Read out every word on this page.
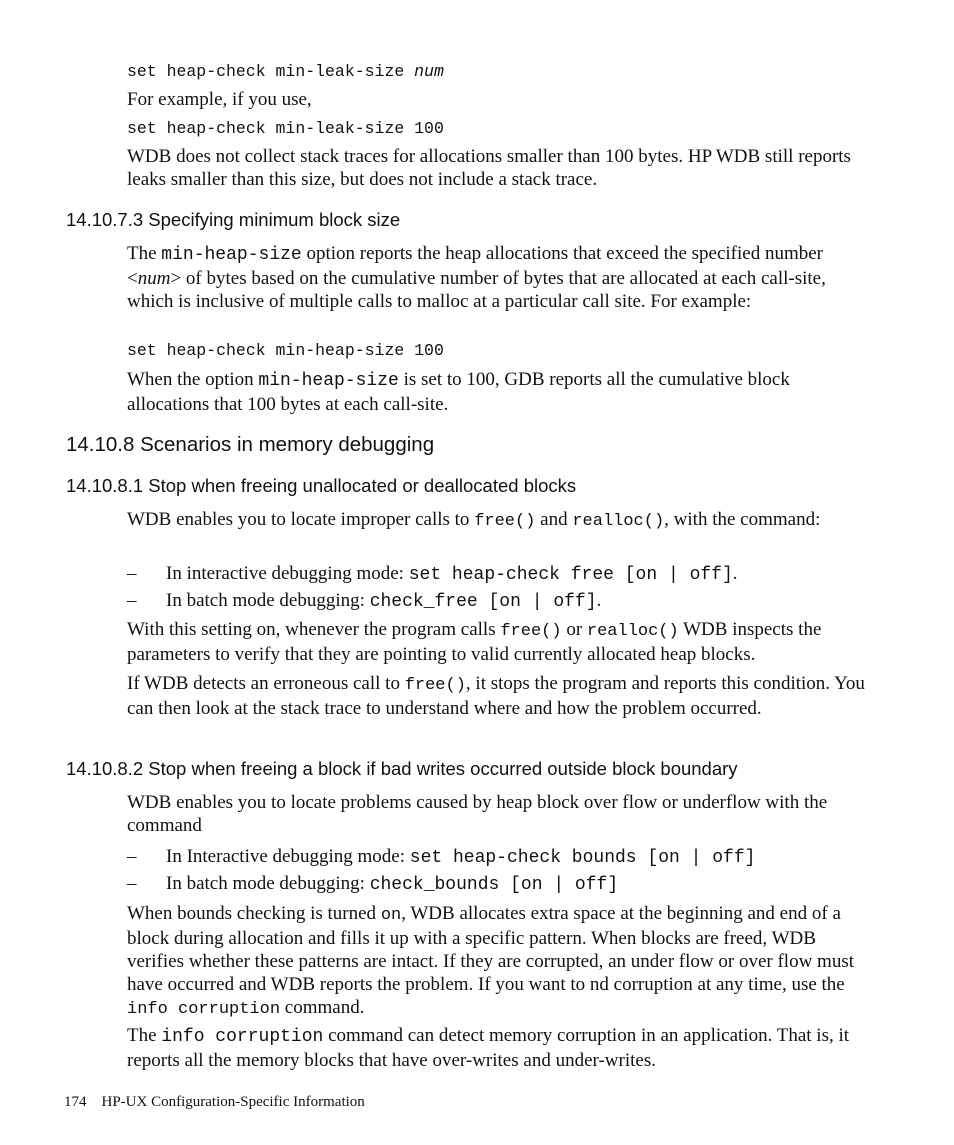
set heap-check min-leak-size num
For example, if you use,
set heap-check min-leak-size 100
WDB does not collect stack traces for allocations smaller than 100 bytes. HP WDB still reports leaks smaller than this size, but does not include a stack trace.
14.10.7.3 Specifying minimum block size
The min-heap-size option reports the heap allocations that exceed the specified number <num> of bytes based on the cumulative number of bytes that are allocated at each call-site, which is inclusive of multiple calls to malloc at a particular call site. For example:
set heap-check min-heap-size 100
When the option min-heap-size is set to 100, GDB reports all the cumulative block allocations that 100 bytes at each call-site.
14.10.8 Scenarios in memory debugging
14.10.8.1 Stop when freeing unallocated or deallocated blocks
WDB enables you to locate improper calls to free() and realloc(), with the command:
– In interactive debugging mode: set heap-check free [on | off].
– In batch mode debugging: check_free [on | off].
With this setting on, whenever the program calls free() or realloc() WDB inspects the parameters to verify that they are pointing to valid currently allocated heap blocks.
If WDB detects an erroneous call to free(), it stops the program and reports this condition. You can then look at the stack trace to understand where and how the problem occurred.
14.10.8.2 Stop when freeing a block if bad writes occurred outside block boundary
WDB enables you to locate problems caused by heap block over flow or underflow with the command
– In Interactive debugging mode: set heap-check bounds [on | off]
– In batch mode debugging: check_bounds [on | off]
When bounds checking is turned on, WDB allocates extra space at the beginning and end of a block during allocation and fills it up with a specific pattern. When blocks are freed, WDB verifies whether these patterns are intact. If they are corrupted, an under flow or over flow must have occurred and WDB reports the problem. If you want to nd corruption at any time, use the info corruption command.
The info corruption command can detect memory corruption in an application. That is, it reports all the memory blocks that have over-writes and under-writes.
174 HP-UX Configuration-Specific Information
